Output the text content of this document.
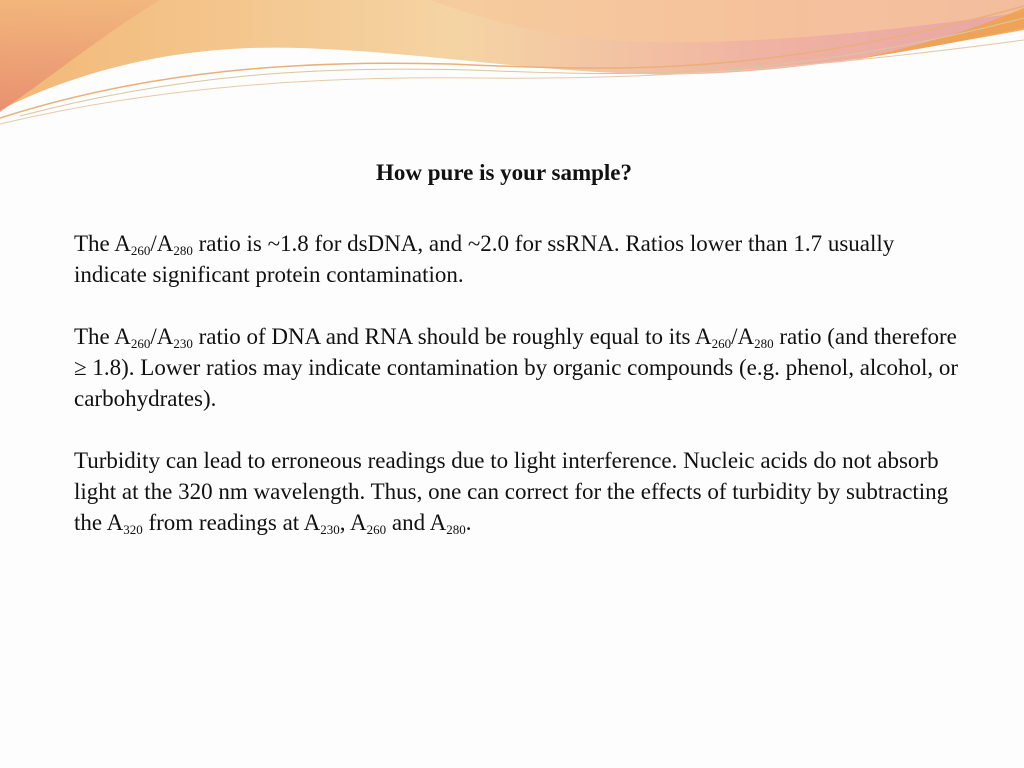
How pure is your sample?

The $A_{260}/A_{280}$ ratio is ~1.8 for dsDNA, and ~2.0 for ssRNA. Ratios lower than 1.7 usually indicate significant protein contamination.

The $A_{260}/A_{230}$ ratio of DNA and RNA should be roughly equal to its $A_{260}/A_{280}$ ratio (and therefore ≥ 1.8). Lower ratios may indicate contamination by organic compounds (e.g. phenol, alcohol, or carbohydrates).

Turbidity can lead to erroneous readings due to light interference. Nucleic acids do not absorb light at the 320 nm wavelength. Thus, one can correct for the effects of turbidity by subtracting the $A_{320}$ from readings at $A_{230}$, $A_{260}$ and $A_{280}$.
